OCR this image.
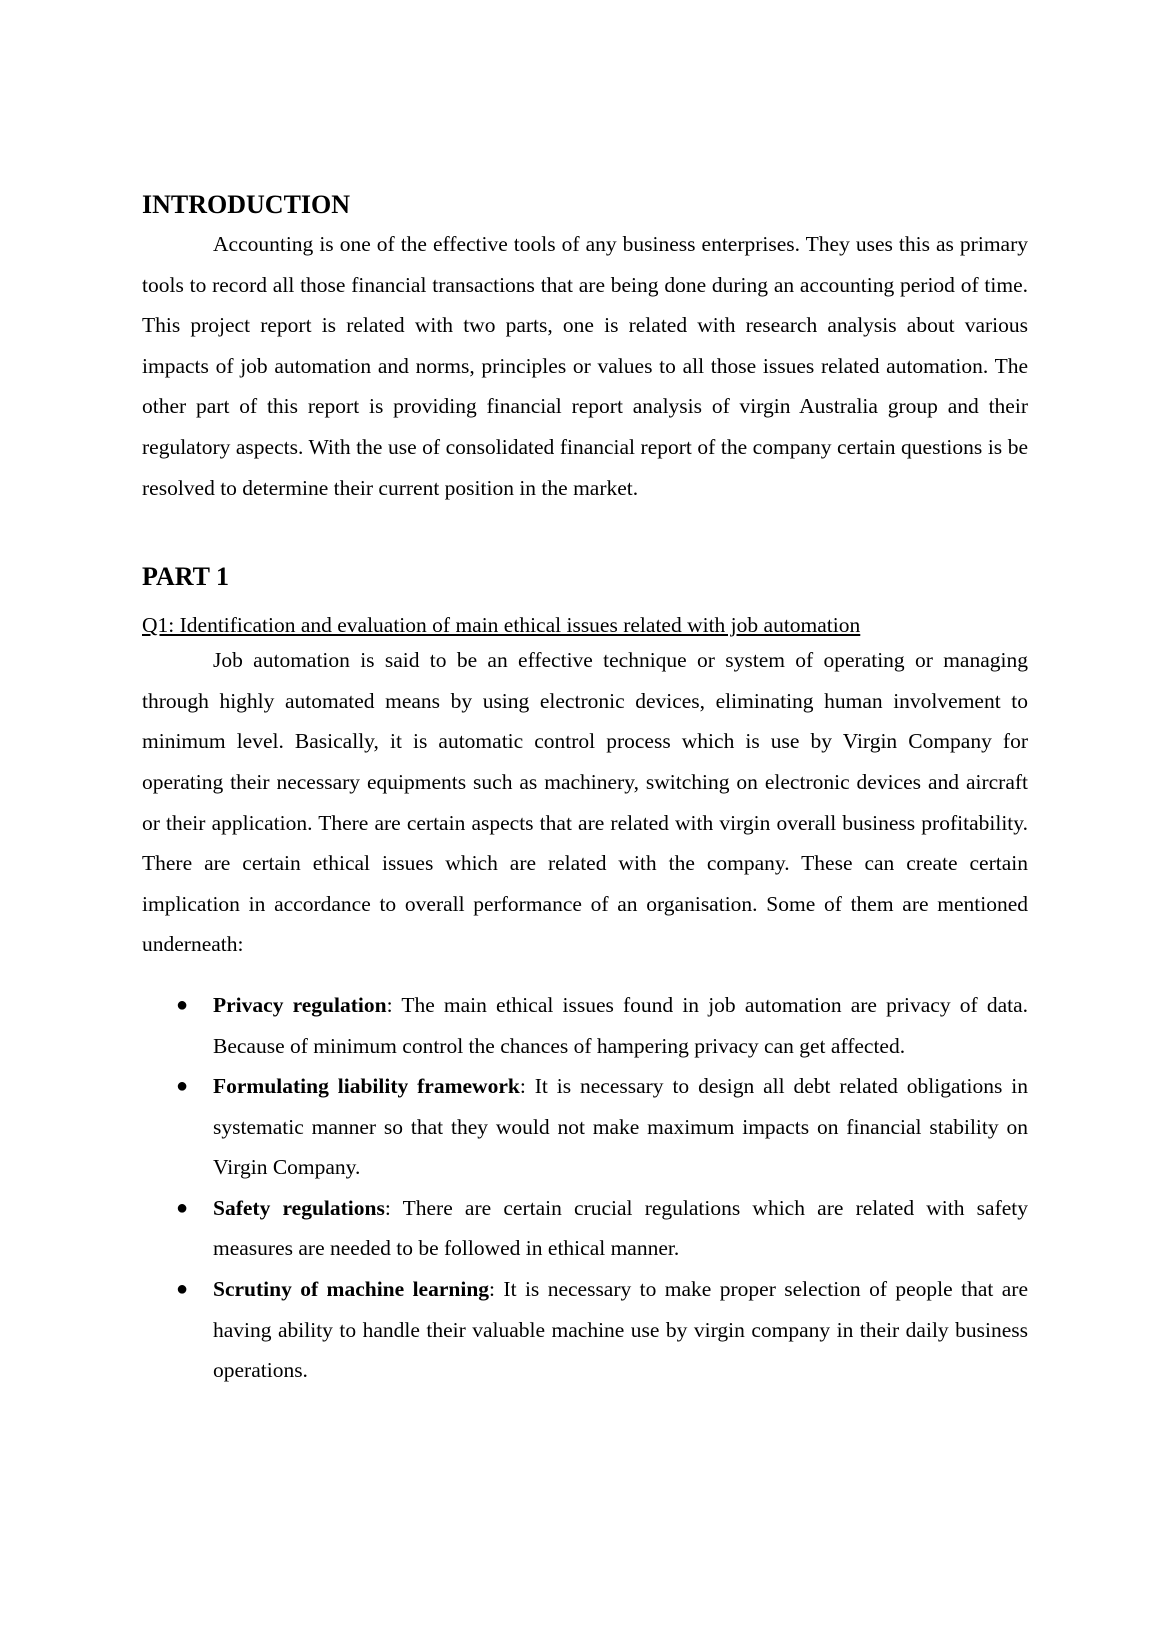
INTRODUCTION

Accounting is one of the effective tools of any business enterprises. They uses this as primary tools to record all those financial transactions that are being done during an accounting period of time. This project report is related with two parts, one is related with research analysis about various impacts of job automation and norms, principles or values to all those issues related automation. The other part of this report is providing financial report analysis of virgin Australia group and their regulatory aspects. With the use of consolidated financial report of the company certain questions is be resolved to determine their current position in the market.

PART 1

Q1: Identification and evaluation of main ethical issues related with job automation

Job automation is said to be an effective technique or system of operating or managing through highly automated means by using electronic devices, eliminating human involvement to minimum level. Basically, it is automatic control process which is use by Virgin Company for operating their necessary equipments such as machinery, switching on electronic devices and aircraft or their application. There are certain aspects that are related with virgin overall business profitability. There are certain ethical issues which are related with the company. These can create certain implication in accordance to overall performance of an organisation. Some of them are mentioned underneath:

● Privacy regulation: The main ethical issues found in job automation are privacy of data. Because of minimum control the chances of hampering privacy can get affected.
● Formulating liability framework: It is necessary to design all debt related obligations in systematic manner so that they would not make maximum impacts on financial stability on Virgin Company.
● Safety regulations: There are certain crucial regulations which are related with safety measures are needed to be followed in ethical manner.
● Scrutiny of machine learning: It is necessary to make proper selection of people that are having ability to handle their valuable machine use by virgin company in their daily business operations.
